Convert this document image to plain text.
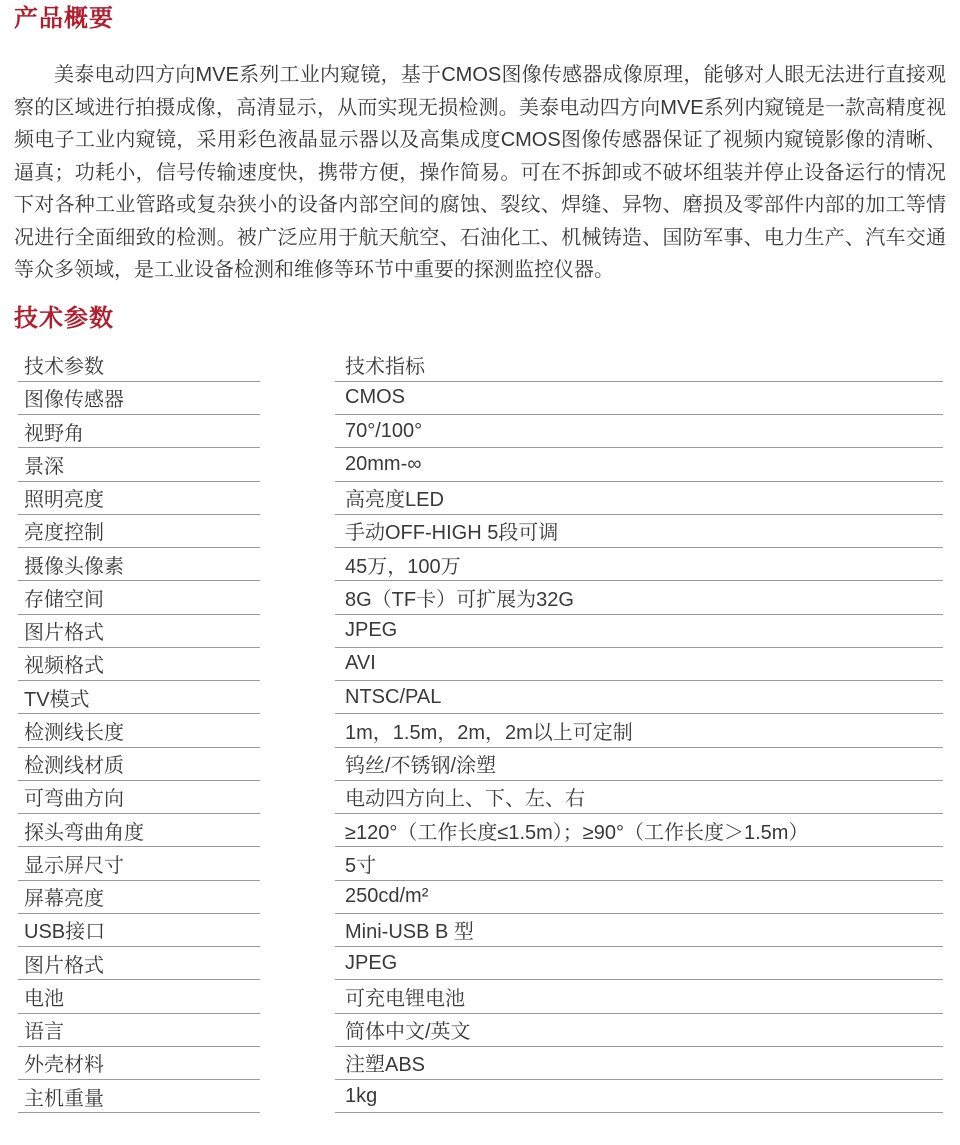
产品概要

美泰电动四方向MVE系列工业内窥镜，基于CMOS图像传感器成像原理，能够对人眼无法进行直接观察的区域进行拍摄成像，高清显示，从而实现无损检测。美泰电动四方向MVE系列内窥镜是一款高精度视频电子工业内窥镜，采用彩色液晶显示器以及高集成度CMOS图像传感器保证了视频内窥镜影像的清晰、逼真；功耗小，信号传输速度快，携带方便，操作简易。可在不拆卸或不破坏组装并停止设备运行的情况下对各种工业管路或复杂狭小的设备内部空间的腐蚀、裂纹、焊缝、异物、磨损及零部件内部的加工等情况进行全面细致的检测。被广泛应用于航天航空、石油化工、机械铸造、国防军事、电力生产、汽车交通等众多领域，是工业设备检测和维修等环节中重要的探测监控仪器。

技术参数
技术参数	技术指标
图像传感器	CMOS
视野角	70°/100°
景深	20mm-∞
照明亮度	高亮度LED
亮度控制	手动OFF-HIGH 5段可调
摄像头像素	45万，100万
存储空间	8G（TF卡）可扩展为32G
图片格式	JPEG
视频格式	AVI
TV模式	NTSC/PAL
检测线长度	1m，1.5m，2m，2m以上可定制
检测线材质	钨丝/不锈钢/涂塑
可弯曲方向	电动四方向上、下、左、右
探头弯曲角度	≥120°（工作长度≤1.5m）；≥90°（工作长度＞1.5m）
显示屏尺寸	5寸
屏幕亮度	250cd/m²
USB接口	Mini-USB B 型
图片格式	JPEG
电池	可充电锂电池
语言	简体中文/英文
外壳材料	注塑ABS
主机重量	1kg
